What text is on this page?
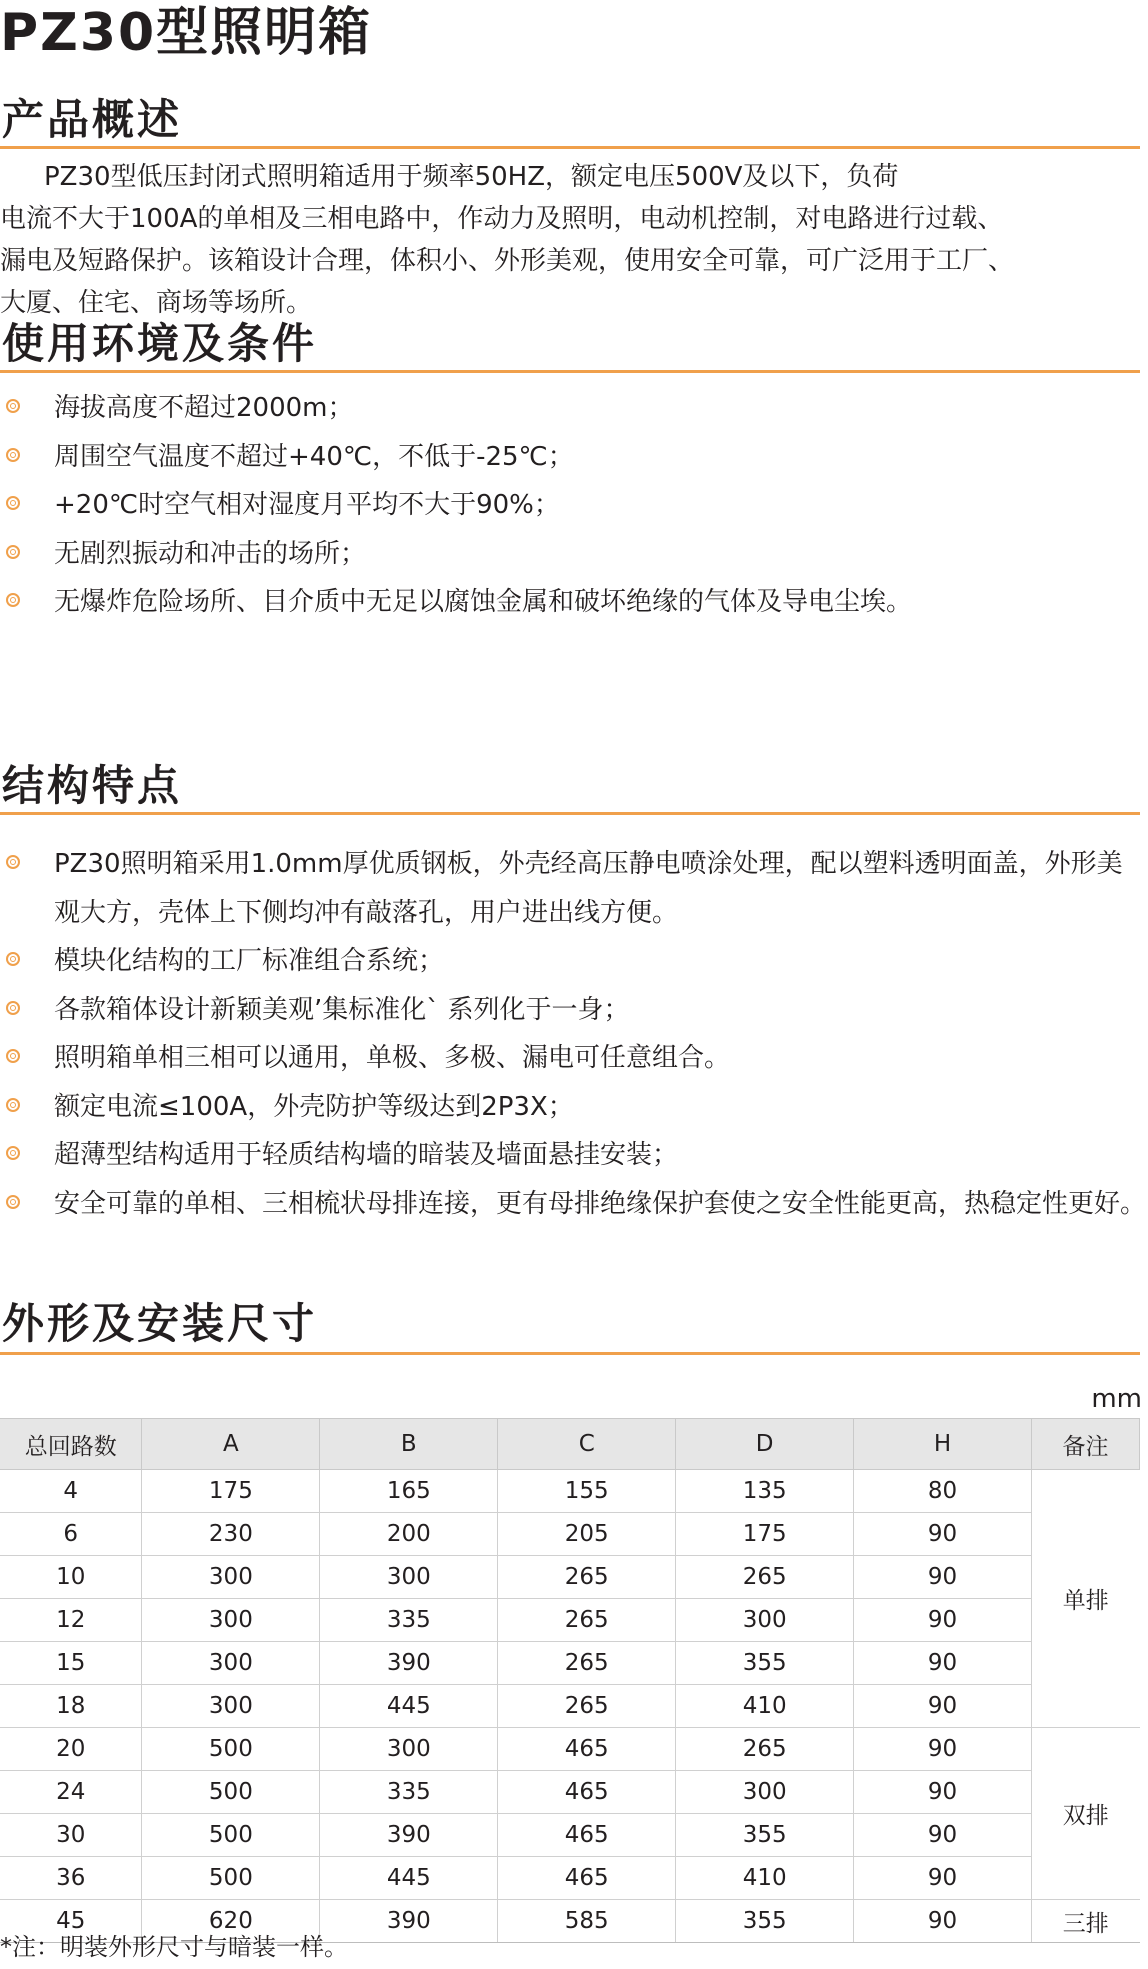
PZ30型照明箱
产品概述
PZ30型低压封闭式照明箱适用于频率50HZ，额定电压500V及以下，负荷
电流不大于100A的单相及三相电路中，作动力及照明，电动机控制，对电路进行过载、
漏电及短路保护。该箱设计合理，体积小、外形美观，使用安全可靠，可广泛用于工厂、
大厦、住宅、商场等场所。
使用环境及条件
海拔高度不超过2000m；
周围空气温度不超过+40℃，不低于-25℃；
+20℃时空气相对湿度月平均不大于90%；
无剧烈振动和冲击的场所；
无爆炸危险场所、目介质中无足以腐蚀金属和破坏绝缘的气体及导电尘埃。
结构特点
PZ30照明箱采用1.0mm厚优质钢板，外壳经高压静电喷涂处理，配以塑料透明面盖，外形美观大方，壳体上下侧均冲有敲落孔，用户进出线方便。
模块化结构的工厂标准组合系统；
各款箱体设计新颖美观’集标准化` 系列化于一身；
照明箱单相三相可以通用，单极、多极、漏电可任意组合。
额定电流≤100A，外壳防护等级达到2P3X；
超薄型结构适用于轻质结构墙的暗装及墙面悬挂安装；
安全可靠的单相、三相梳状母排连接，更有母排绝缘保护套使之安全性能更高，热稳定性更好。
外形及安装尺寸
mm
总回路数	A	B	C	D	H	备注
4	175	165	155	135	80	单排
6	230	200	205	175	90	
10	300	300	265	265	90	
12	300	335	265	300	90	
15	300	390	265	355	90	
18	300	445	265	410	90	
20	500	300	465	265	90	双排
24	500	335	465	300	90	
30	500	390	465	355	90	
36	500	445	465	410	90	
45	620	390	585	355	90	三排
*注：明装外形尺寸与暗装一样。
